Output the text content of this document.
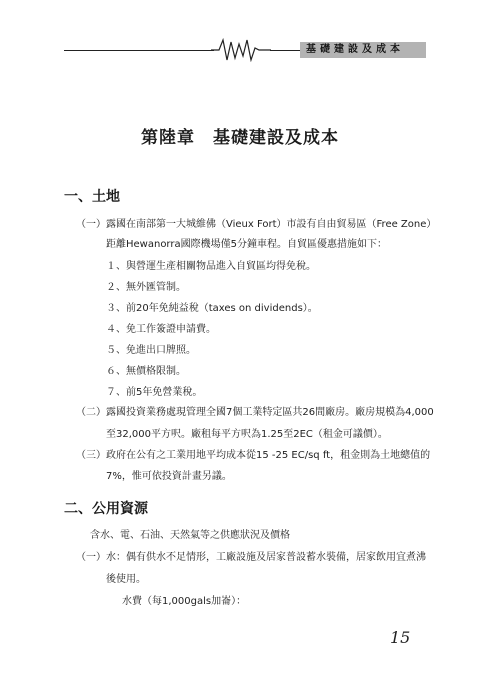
基礎建設及成本
第陸章　基礎建設及成本
一、土地
（一）露國在南部第一大城維佛（Vieux Fort）市設有自由貿易區（Free Zone）
距離Hewanorra國際機場僅5分鐘車程。自貿區優惠措施如下：
１、與營運生產相關物品進入自貿區均得免稅。
２、無外匯管制。
３、前20年免純益稅（taxes on dividends）。
４、免工作簽證申請費。
５、免進出口牌照。
６、無價格限制。
７、前5年免營業稅。
（二）露國投資業務處現管理全國7個工業特定區共26間廠房。廠房規模為4,000
至32,000平方呎。廠租每平方呎為1.25至2EC（租金可議價）。
（三）政府在公有之工業用地平均成本從15 -25 EC/sq ft，租金則為土地總值的
7%，惟可依投資計畫另議。
二、公用資源
含水、電、石油、天然氣等之供應狀況及價格
（一）水：偶有供水不足情形，工廠設施及居家普設蓄水裝備，居家飲用宜煮沸
後使用。
水費（每1,000gals加崙）：
15
